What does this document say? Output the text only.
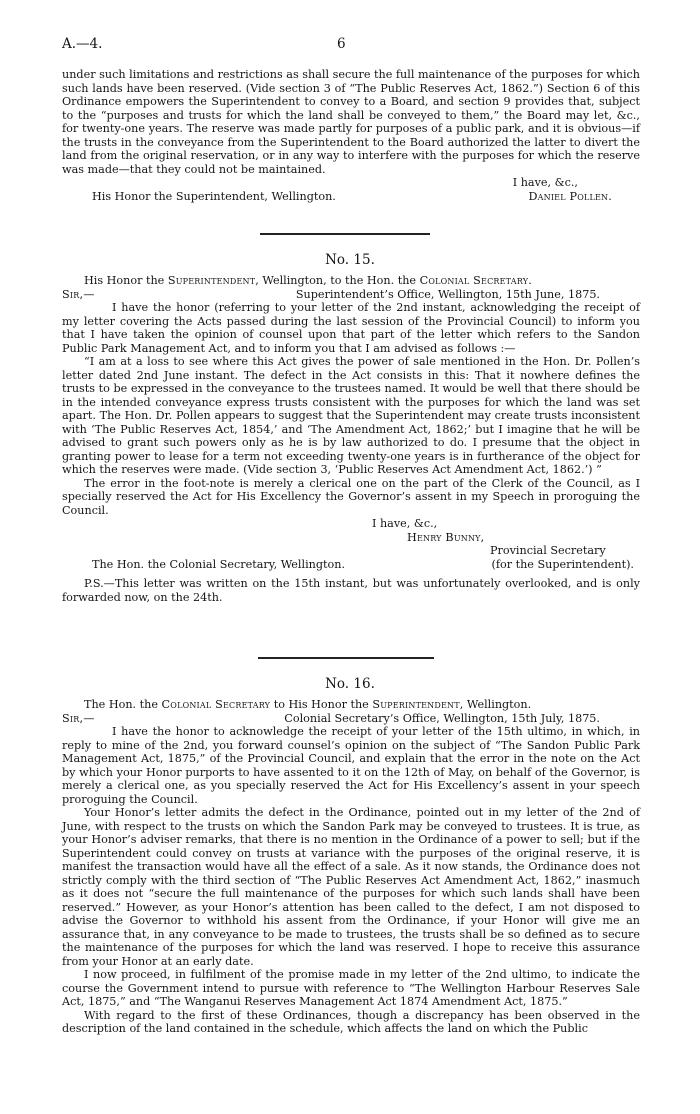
A.—4.	6

under such limitations and restrictions as shall secure the full maintenance of the purposes for which such lands have been reserved. (Vide section 3 of “The Public Reserves Act, 1862.”) Section 6 of this Ordinance empowers the Superintendent to convey to a Board, and section 9 provides that, subject to the “purposes and trusts for which the land shall be conveyed to them,” the Board may let, &c., for twenty-one years. The reserve was made partly for purposes of a public park, and it is obvious—if the trusts in the conveyance from the Superintendent to the Board authorized the latter to divert the land from the original reservation, or in any way to interfere with the purposes for which the reserve was made—that they could not be maintained.

I have, &c.,

His Honor the Superintendent, Wellington.	Daniel Pollen.
No. 15.

His Honor the Superintendent, Wellington, to the Hon. the Colonial Secretary.

Sir,—	Superintendent’s Office, Wellington, 15th June, 1875.

I have the honor (referring to your letter of the 2nd instant, acknowledging the receipt of my letter covering the Acts passed during the last session of the Provincial Council) to inform you that I have taken the opinion of counsel upon that part of the letter which refers to the Sandon Public Park Management Act, and to inform you that I am advised as follows :—

“I am at a loss to see where this Act gives the power of sale mentioned in the Hon. Dr. Pollen’s letter dated 2nd June instant. The defect in the Act consists in this: That it nowhere defines the trusts to be expressed in the conveyance to the trustees named. It would be well that there should be in the intended conveyance express trusts consistent with the purposes for which the land was set apart. The Hon. Dr. Pollen appears to suggest that the Superintendent may create trusts inconsistent with ‘The Public Reserves Act, 1854,’ and ‘The Amendment Act, 1862;’ but I imagine that he will be advised to grant such powers only as he is by law authorized to do. I presume that the object in granting power to lease for a term not exceeding twenty-one years is in furtherance of the object for which the reserves were made. (Vide section 3, ‘Public Reserves Act Amendment Act, 1862.’) ”

The error in the foot-note is merely a clerical one on the part of the Clerk of the Council, as I specially reserved the Act for His Excellency the Governor’s assent in my Speech in proroguing the Council.

I have, &c.,

Henry Bunny,

Provincial Secretary

The Hon. the Colonial Secretary, Wellington.	(for the Superintendent).

P.S.—This letter was written on the 15th instant, but was unfortunately overlooked, and is only forwarded now, on the 24th.

No. 16.

The Hon. the Colonial Secretary to His Honor the Superintendent, Wellington.

Sir,—	Colonial Secretary’s Office, Wellington, 15th July, 1875.

I have the honor to acknowledge the receipt of your letter of the 15th ultimo, in which, in reply to mine of the 2nd, you forward counsel’s opinion on the subject of “The Sandon Public Park Management Act, 1875,” of the Provincial Council, and explain that the error in the note on the Act by which your Honor purports to have assented to it on the 12th of May, on behalf of the Governor, is merely a clerical one, as you specially reserved the Act for His Excellency’s assent in your speech proroguing the Council.

Your Honor’s letter admits the defect in the Ordinance, pointed out in my letter of the 2nd of June, with respect to the trusts on which the Sandon Park may be conveyed to trustees. It is true, as your Honor’s adviser remarks, that there is no mention in the Ordinance of a power to sell; but if the Superintendent could convey on trusts at variance with the purposes of the original reserve, it is manifest the transaction would have all the effect of a sale. As it now stands, the Ordinance does not strictly comply with the third section of “The Public Reserves Act Amendment Act, 1862,” inasmuch as it does not “secure the full maintenance of the purposes for which such lands shall have been reserved.” However, as your Honor’s attention has been called to the defect, I am not disposed to advise the Governor to withhold his assent from the Ordinance, if your Honor will give me an assurance that, in any conveyance to be made to trustees, the trusts shall be so defined as to secure the maintenance of the purposes for which the land was reserved. I hope to receive this assurance from your Honor at an early date.

I now proceed, in fulfilment of the promise made in my letter of the 2nd ultimo, to indicate the course the Government intend to pursue with reference to “The Wellington Harbour Reserves Sale Act, 1875,” and “The Wanganui Reserves Management Act 1874 Amendment Act, 1875.”

With regard to the first of these Ordinances, though a discrepancy has been observed in the description of the land contained in the schedule, which affects the land on which the Public
